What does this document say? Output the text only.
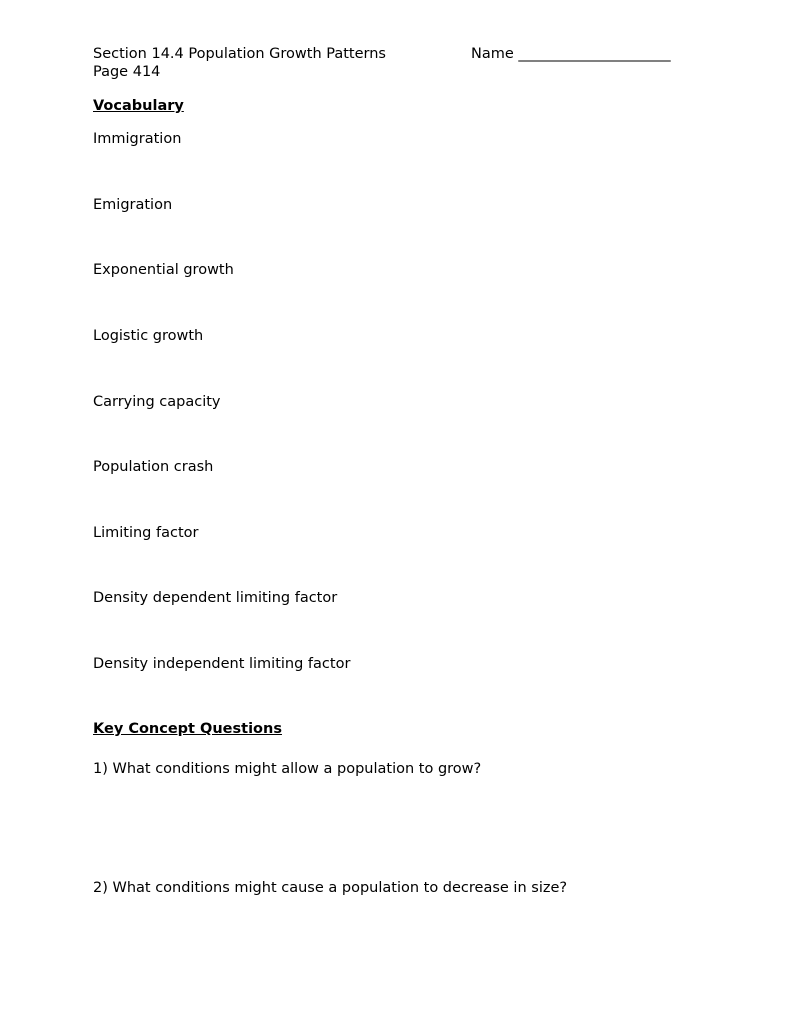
Section 14.4 Population Growth Patterns
Page 414
Name _____________________
Vocabulary
Immigration
Emigration
Exponential growth
Logistic growth
Carrying capacity
Population crash
Limiting factor
Density dependent limiting factor
Density independent limiting factor
Key Concept Questions
1) What conditions might allow a population to grow?
2) What conditions might cause a population to decrease in size?
